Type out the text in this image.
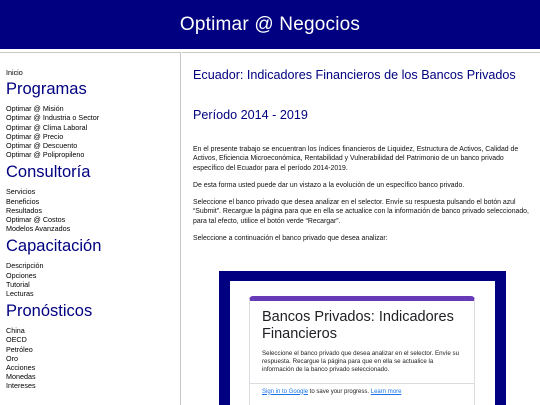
Optimar @ Negocios
Inicio
Programas
Optimar @ Misión
Optimar @ Industria o Sector
Optimar @ Clima Laboral
Optimar @ Precio
Optimar @ Descuento
Optimar @ Polipropileno
Consultoría
Servicios
Beneficios
Resultados
Optimar @ Costos
Modelos Avanzados
Capacitación
Descripción
Opciones
Tutorial
Lecturas
Pronósticos
China
OECD
Petróleo
Oro
Acciones
Monedas
Intereses
Ecuador: Indicadores Financieros de los Bancos Privados
Período 2014 - 2019

En el presente trabajo se encuentran los índices financieros de Liquidez, Estructura de Activos, Calidad de Activos, Eficiencia Microeconómica, Rentabilidad y Vulnerabilidad del Patrimonio de un banco privado específico del Ecuador para el período 2014-2019.

De esta forma usted puede dar un vistazo a la evolución de un específico banco privado.

Seleccione el banco privado que desea analizar en el selector. Envíe su respuesta pulsando el botón azul “Submit”. Recargue la página para que en ella se actualice con la información de banco privado seleccionado, para tal efecto, utilice el botón verde “Recargar”.

Seleccione a continuación el banco privado que desea analizar:

Bancos Privados: Indicadores Financieros
Seleccione el banco privado que desea analizar en el selector. Envíe su respuesta. Recargue la página para que en ella se actualice la información de la banco privado seleccionado.
Sign in to Google to save your progress. Learn more
